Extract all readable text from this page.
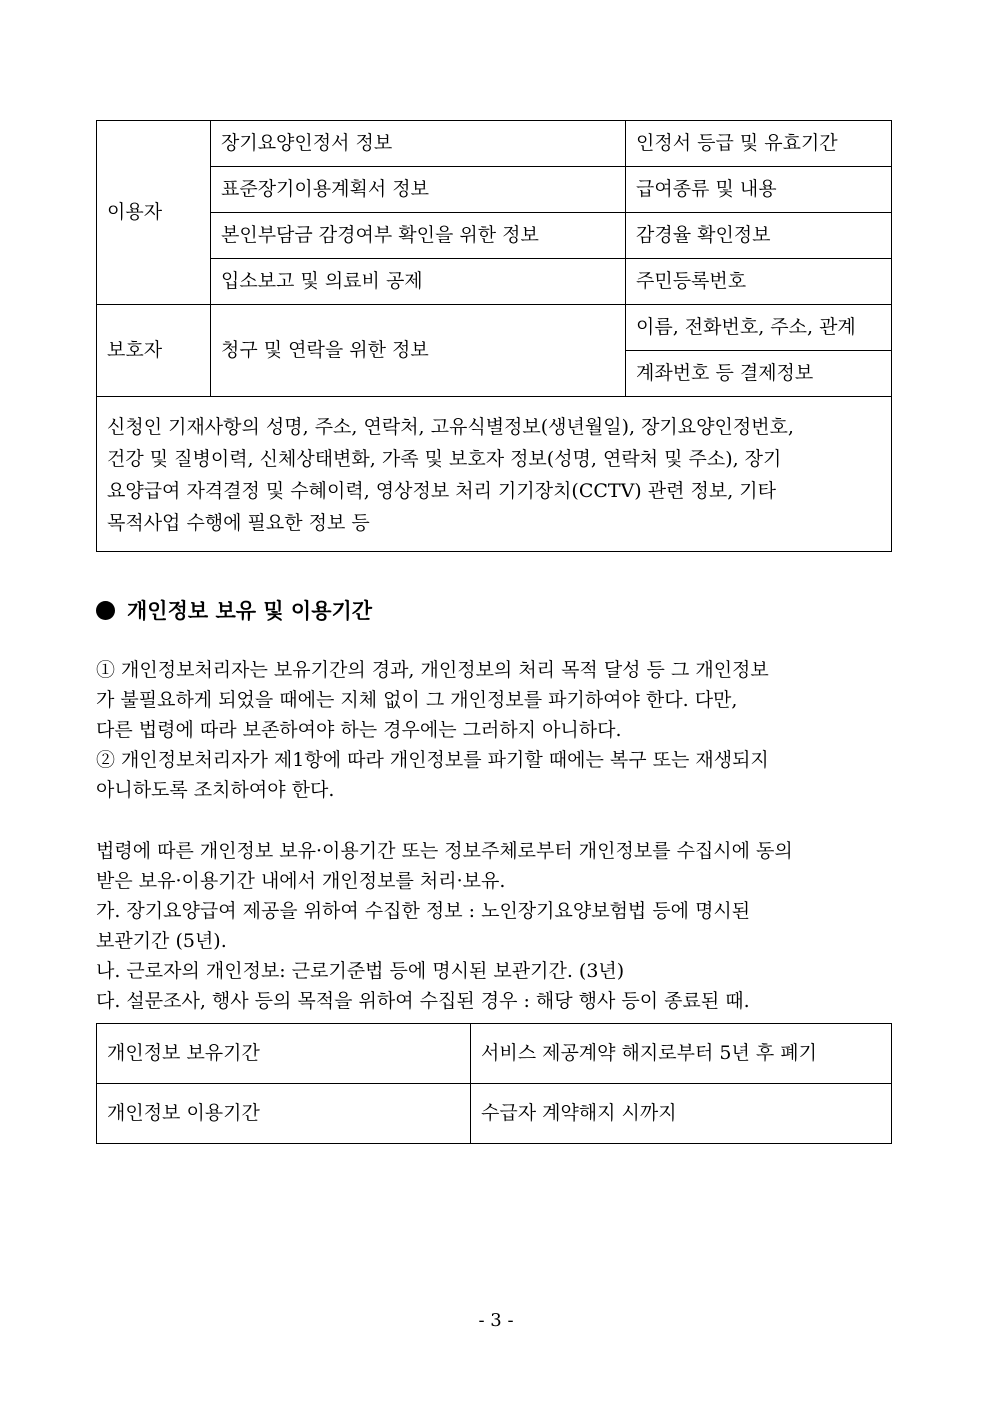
이용자	장기요양인정서 정보	인정서 등급 및 유효기간
	표준장기이용계획서 정보	급여종류 및 내용
	본인부담금 감경여부 확인을 위한 정보	감경율 확인정보
	입소보고 및 의료비 공제	주민등록번호
보호자	청구 및 연락을 위한 정보	이름, 전화번호, 주소, 관계
		계좌번호 등 결제정보

신청인 기재사항의 성명, 주소, 연락처, 고유식별정보(생년월일), 장기요양인정번호,
건강 및 질병이력, 신체상태변화, 가족 및 보호자 정보(성명, 연락처 및 주소), 장기
요양급여 자격결정 및 수혜이력, 영상정보 처리 기기장치(CCTV) 관련 정보, 기타
목적사업 수행에 필요한 정보 등		
개인정보 보유 및 이용기간
① 개인정보처리자는 보유기간의 경과, 개인정보의 처리 목적 달성 등 그 개인정보
가 불필요하게 되었을 때에는 지체 없이 그 개인정보를 파기하여야 한다. 다만,
다른 법령에 따라 보존하여야 하는 경우에는 그러하지 아니하다.
② 개인정보처리자가 제1항에 따라 개인정보를 파기할 때에는 복구 또는 재생되지
아니하도록 조치하여야 한다.
법령에 따른 개인정보 보유·이용기간 또는 정보주체로부터 개인정보를 수집시에 동의
받은 보유·이용기간 내에서 개인정보를 처리·보유.
가. 장기요양급여 제공을 위하여 수집한 정보 : 노인장기요양보험법 등에 명시된
보관기간 (5년).
나. 근로자의 개인정보: 근로기준법 등에 명시된 보관기간. (3년)
다. 설문조사, 행사 등의 목적을 위하여 수집된 경우 : 해당 행사 등이 종료된 때.
개인정보 보유기간	서비스 제공계약 해지로부터 5년 후 폐기
개인정보 이용기간	수급자 계약해지 시까지
- 3 -
